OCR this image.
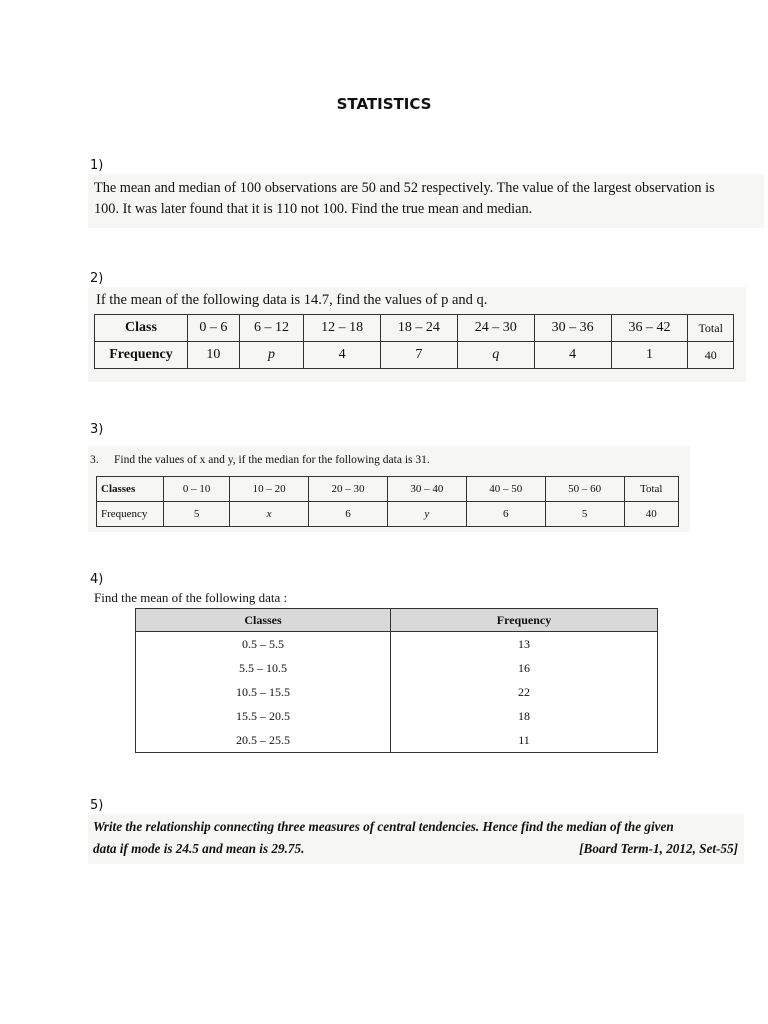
STATISTICS
1)
The mean and median of 100 observations are 50 and 52 respectively. The value of the largest observation is
100. It was later found that it is 110 not 100. Find the true mean and median.
2)
If the mean of the following data is 14.7, find the values of p and q.
Class	0 – 6	6 – 12	12 – 18	18 – 24	24 – 30	30 – 36	36 – 42	Total
Frequency	10	p	4	7	q	4	1	40
3)
3. Find the values of x and y, if the median for the following data is 31.
Classes	0 – 10	10 – 20	20 – 30	30 – 40	40 – 50	50 – 60	Total
Frequency	5	x	6	y	6	5	40
4)
Find the mean of the following data :
Classes	Frequency
0.5 – 5.5	13
5.5 – 10.5	16
10.5 – 15.5	22
15.5 – 20.5	18
20.5 – 25.5	11
5)
Write the relationship connecting three measures of central tendencies. Hence find the median of the given
data if mode is 24.5 and mean is 29.75.	[Board Term-1, 2012, Set-55]
